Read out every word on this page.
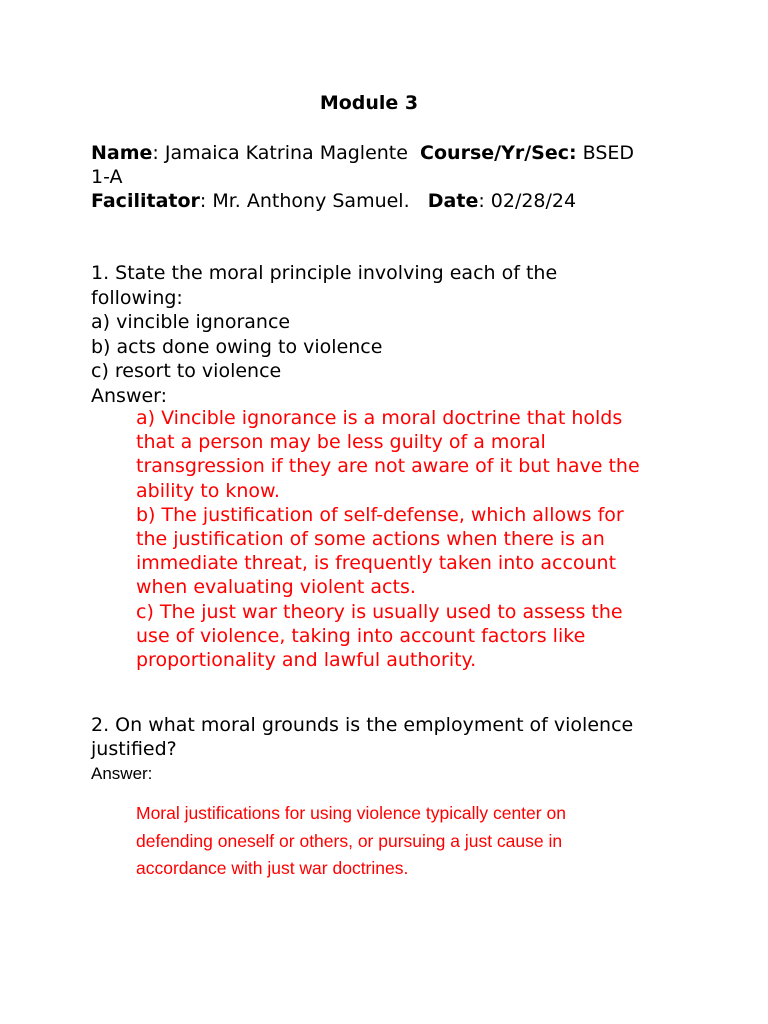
Module 3
Name: Jamaica Katrina Maglente Course/Yr/Sec: BSED
1-A
Facilitator: Mr. Anthony Samuel. Date: 02/28/24
1. State the moral principle involving each of the
following:
a) vincible ignorance
b) acts done owing to violence
c) resort to violence
Answer:
a) Vincible ignorance is a moral doctrine that holds
that a person may be less guilty of a moral
transgression if they are not aware of it but have the
ability to know.
b) The justification of self-defense, which allows for
the justification of some actions when there is an
immediate threat, is frequently taken into account
when evaluating violent acts.
c) The just war theory is usually used to assess the
use of violence, taking into account factors like
proportionality and lawful authority.
2. On what moral grounds is the employment of violence
justified?
Answer:
Moral justifications for using violence typically center on
defending oneself or others, or pursuing a just cause in
accordance with just war doctrines.
